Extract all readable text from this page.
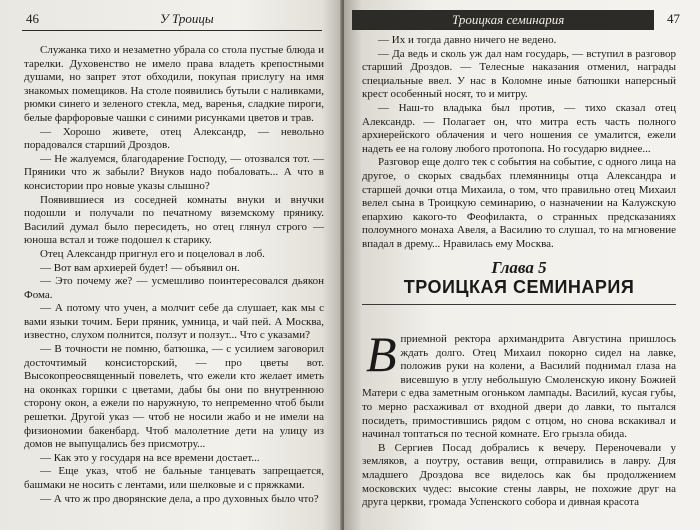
46	У Троицы

Служанка тихо и незаметно убрала со стола пустые блюда и тарелки. Духовенство не имело права владеть крепостными душами, но запрет этот обходили, покупая прислугу на имя знакомых помещиков. На столе появились бутыли с наливками, рюмки синего и зеленого стекла, мед, варенья, сладкие пироги, белые фарфоровые чашки с синими рисунками цветов и трав.

— Хорошо живете, отец Александр, — невольно порадовался старший Дроздов.

— Не жалуемся, благодарение Господу, — отозвался тот. — Пряники что ж забыли? Внуков надо побаловать... А что в консистории про новые указы слышно?

Появившиеся из соседней комнаты внуки и внучки подошли и получали по печатному вяземскому прянику. Василий думал было пересидеть, но отец глянул строго — юноша встал и тоже подошел к старику.

Отец Александр пригнул его и поцеловал в лоб.

— Вот вам архиерей будет! — объявил он.

— Это почему же? — усмешливо поинтересовался дьякон Фома.

— А потому что учен, а молчит себе да слушает, как мы с вами языки точим. Бери пряник, умница, и чай пей. А Москва, известно, слухом полнится, ползут и ползут... Что с указами?

— В точности не помню, батюшка, — с усилием заговорил досточтимый консисторский, — про цветы вот. Высокопреосвященный повелеть, что ежели кто желает иметь на оконках горшки с цветами, дабы бы они по внутреннюю сторону окон, а ежели по наружную, то непременно чтоб были решетки. Другой указ — чтоб не носили жабо и не имели на физиономии бакенбард. Чтоб малолетние дети на улицу из домов не выпущались без присмотру...

— Как это у государя на все времени достает...

— Еще указ, чтоб не бальные танцевать запрещается, башмаки не носить с лентами, или шелковые и с пряжками.

— А что ж про дворянские дела, а про духовных было что?

Троицкая семинария	47

— Их и тогда давно ничего не ведено.

— Да ведь и сколь уж дал нам государь, — вступил в разговор старший Дроздов. — Телесные наказания отменил, награды специальные ввел. У нас в Коломне иные батюшки наперсный крест особенный носят, то и митру.

— Наш-то владыка был против, — тихо сказал отец Александр. — Полагает он, что митра есть часть полного архиерейского облачения и чего ношения се умалится, ежели надеть ее на голову любого протопопа. Но государю виднее...

Разговор еще долго тек с события на событие, с одного лица на другое, о скорых свадьбах племянницы отца Александра и старшей дочки отца Михаила, о том, что правильно отец Михаил велел сына в Троицкую семинарию, о назначении на Калужскую епархию какого-то Феофилакта, о странных предсказаниях полоумного монаха Авеля, а Василию то слушал, то на мгновение впадал в дрему... Нравилась ему Москва.

Глава 5
ТРОИЦКАЯ СЕМИНАРИЯ

Вприемной ректора архимандрита Августина пришлось ждать долго. Отец Михаил покорно сидел на лавке, положив руки на колени, а Василий поднимал глаза на висевшую в углу небольшую Смоленскую икону Божией Матери с едва заметным огоньком лампады. Василий, кусая губы, то мерно расхаживал от входной двери до лавки, то пытался посидеть, примостившись рядом с отцом, но снова вскакивал и начинал топтаться по тесной комнате. Его грызла обида.

В Сергиев Посад добрались к вечеру. Переночевали у земляков, а поутру, оставив вещи, отправились в лавру. Для младшего Дроздова все виделось как бы продолжением московских чудес: высокие стены лавры, не похожие друг на друга церкви, громада Успенского собора и дивная красота
